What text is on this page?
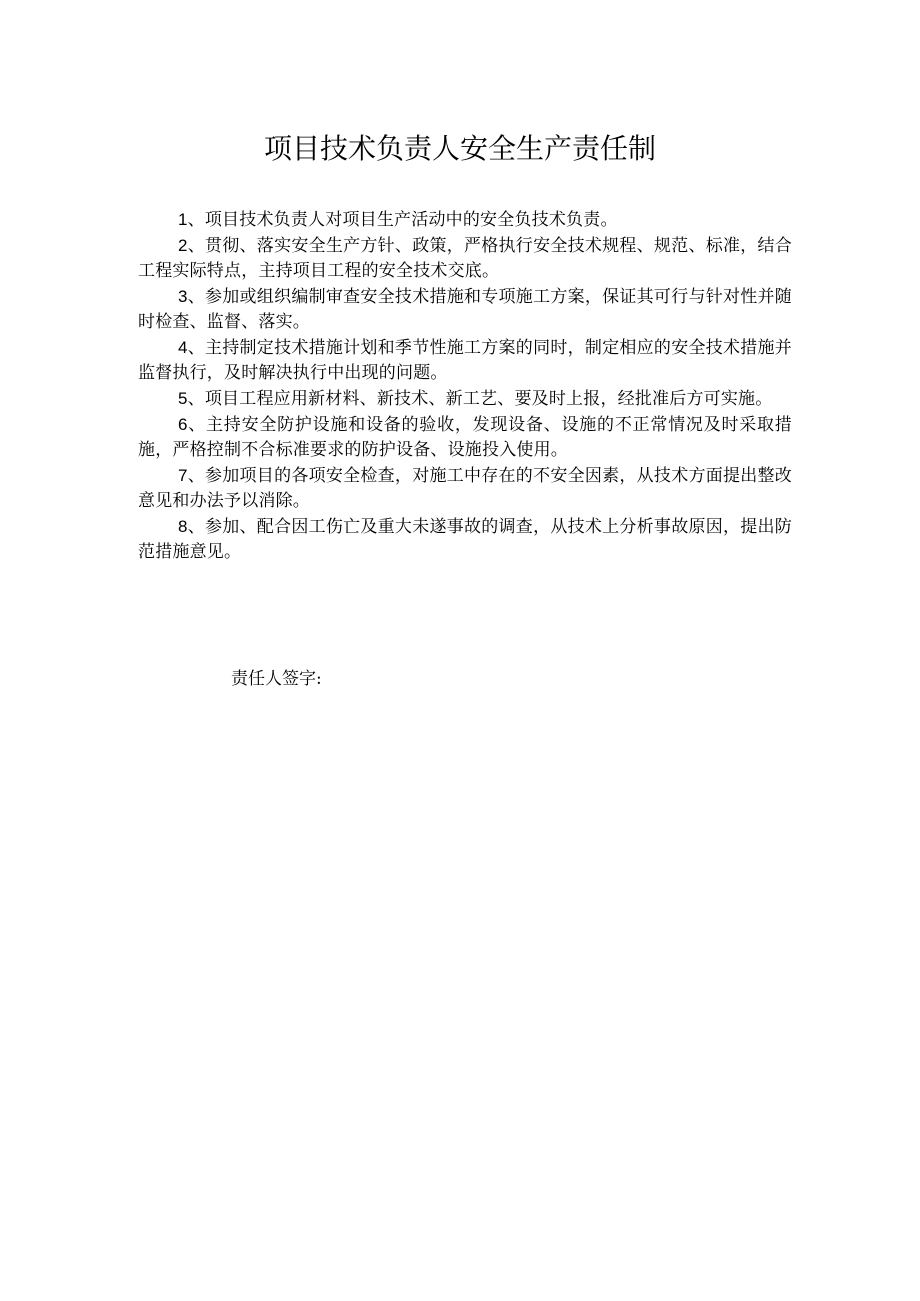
项目技术负责人安全生产责任制

1、项目技术负责人对项目生产活动中的安全负技术负责。

2、贯彻、落实安全生产方针、政策，严格执行安全技术规程、规范、标准，结合工程实际特点，主持项目工程的安全技术交底。

3、参加或组织编制审查安全技术措施和专项施工方案，保证其可行与针对性并随时检查、监督、落实。

4、主持制定技术措施计划和季节性施工方案的同时，制定相应的安全技术措施并监督执行，及时解决执行中出现的问题。

5、项目工程应用新材料、新技术、新工艺、要及时上报，经批准后方可实施。

6、主持安全防护设施和设备的验收，发现设备、设施的不正常情况及时采取措施，严格控制不合标准要求的防护设备、设施投入使用。

7、参加项目的各项安全检查，对施工中存在的不安全因素，从技术方面提出整改意见和办法予以消除。

8、参加、配合因工伤亡及重大未遂事故的调查，从技术上分析事故原因，提出防范措施意见。

责任人签字:
